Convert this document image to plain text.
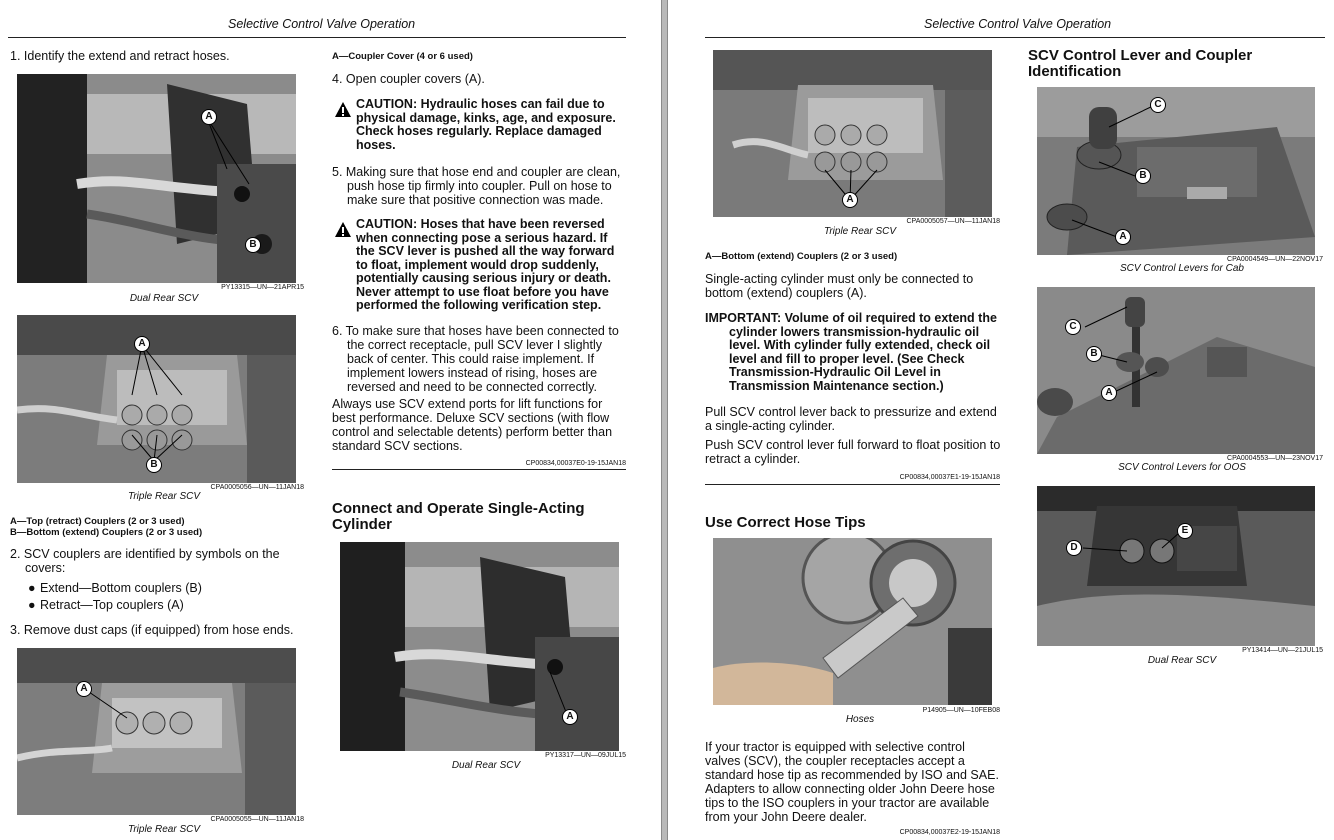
Selective Control Valve Operation
1. Identify the extend and retract hoses.
A
B
PY13315—UN—21APR15
Dual Rear SCV
A
B
CPA0005056—UN—11JAN18
Triple Rear SCV
A—Top (retract) Couplers (2 or 3 used)
B—Bottom (extend) Couplers (2 or 3 used)
2. SCV couplers are identified by symbols on the covers:
● Extend—Bottom couplers (B)
● Retract—Top couplers (A)
3. Remove dust caps (if equipped) from hose ends.
A
CPA0005055—UN—11JAN18
Triple Rear SCV
A—Coupler Cover (4 or 6 used)
4. Open coupler covers (A).
CAUTION: Hydraulic hoses can fail due to physical damage, kinks, age, and exposure. Check hoses regularly. Replace damaged hoses.
5. Making sure that hose end and coupler are clean, push hose tip firmly into coupler. Pull on hose to make sure that positive connection was made.
CAUTION: Hoses that have been reversed when connecting pose a serious hazard. If the SCV lever is pushed all the way forward to float, implement would drop suddenly, potentially causing serious injury or death. Never attempt to use float before you have performed the following verification step.
6. To make sure that hoses have been connected to the correct receptacle, pull SCV lever I slightly back of center. This could raise implement. If implement lowers instead of rising, hoses are reversed and need to be connected correctly.
Always use SCV extend ports for lift functions for best performance. Deluxe SCV sections (with flow control and selectable detents) perform better than standard SCV sections.
CP00834,00037E0-19-15JAN18
Connect and Operate Single-Acting Cylinder
A
PY13317—UN—09JUL15
Dual Rear SCV
Selective Control Valve Operation
A
CPA0005057—UN—11JAN18
Triple Rear SCV
A—Bottom (extend) Couplers (2 or 3 used)
Single-acting cylinder must only be connected to bottom (extend) couplers (A).
IMPORTANT: Volume of oil required to extend the cylinder lowers transmission-hydraulic oil level. With cylinder fully extended, check oil level and fill to proper level. (See Check Transmission-Hydraulic Oil Level in Transmission Maintenance section.)
Pull SCV control lever back to pressurize and extend a single-acting cylinder.
Push SCV control lever full forward to float position to retract a cylinder.
CP00834,00037E1-19-15JAN18
Use Correct Hose Tips
P14905—UN—10FEB08
Hoses
If your tractor is equipped with selective control valves (SCV), the coupler receptacles accept a standard hose tip as recommended by ISO and SAE. Adapters to allow connecting older John Deere hose tips to the ISO couplers in your tractor are available from your John Deere dealer.
CP00834,00037E2-19-15JAN18
SCV Control Lever and Coupler Identification
C
B
A
CPA0004549—UN—22NOV17
SCV Control Levers for Cab
C
B
A
CPA0004553—UN—23NOV17
SCV Control Levers for OOS
D
E
PY13414—UN—21JUL15
Dual Rear SCV
